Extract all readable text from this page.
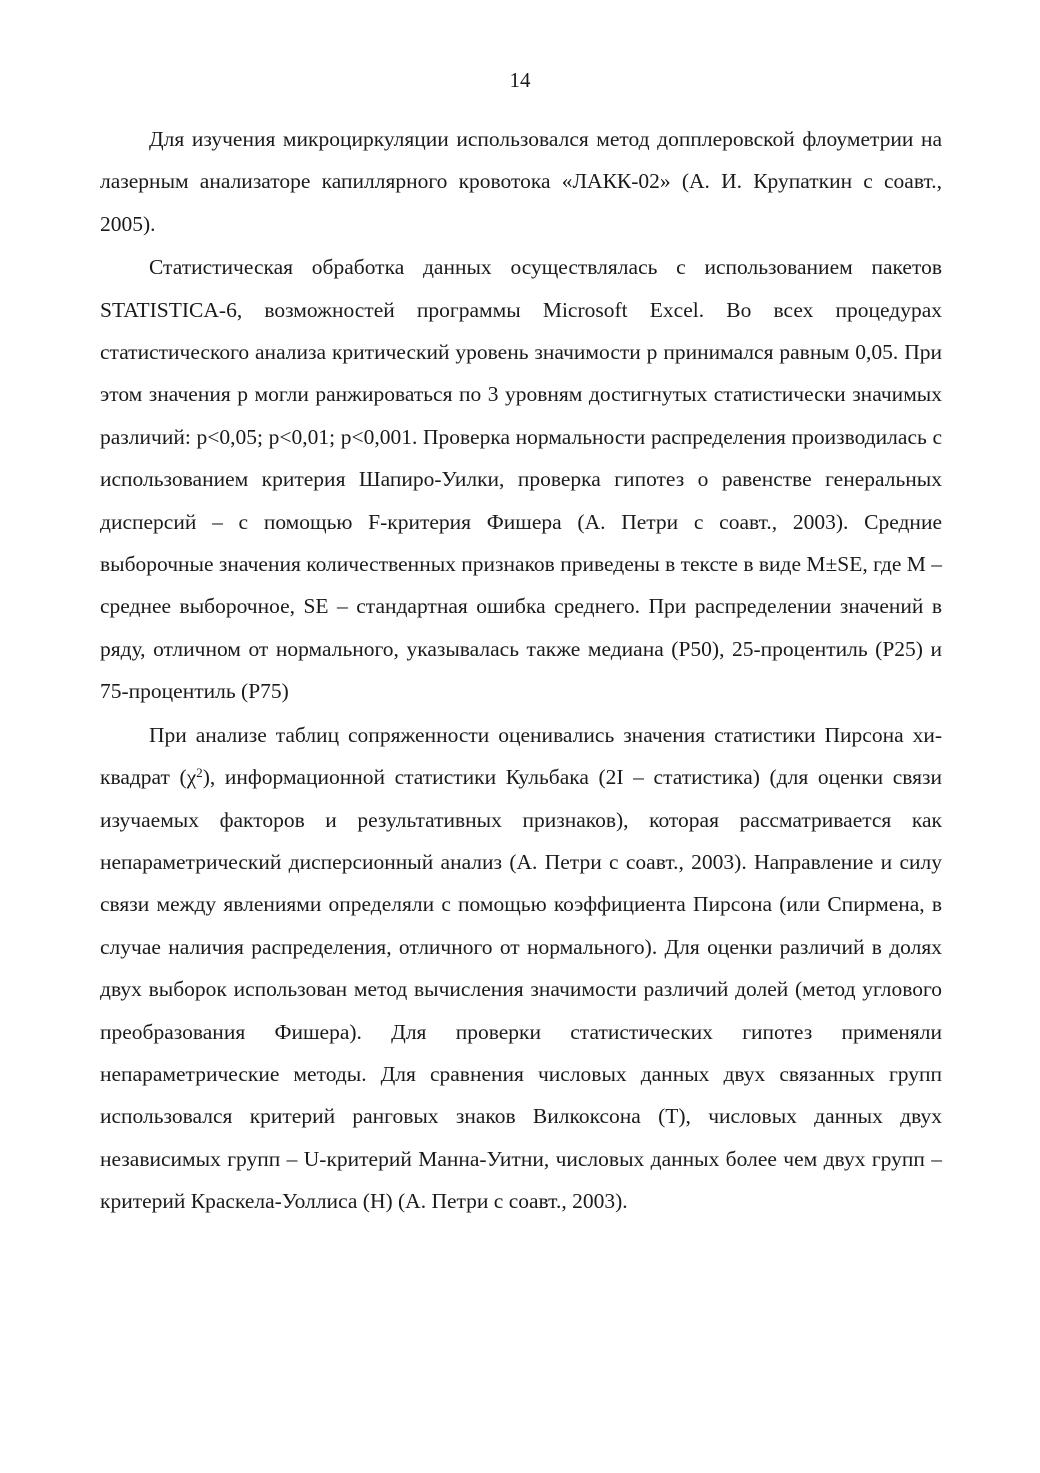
14

Для изучения микроциркуляции использовался метод допплеровской флоуметрии на лазерным анализаторе капиллярного кровотока «ЛАКК-02» (А. И. Крупаткин с соавт., 2005).

Статистическая обработка данных осуществлялась с использованием пакетов STATISTICA-6, возможностей программы Microsoft Excel. Во всех процедурах статистического анализа критический уровень значимости р принимался равным 0,05. При этом значения р могли ранжироваться по 3 уровням достигнутых статистически значимых различий: р<0,05; р<0,01; р<0,001. Проверка нормальности распределения производилась с использованием критерия Шапиро-Уилки, проверка гипотез о равенстве генеральных дисперсий – с помощью F-критерия Фишера (А. Петри с соавт., 2003). Средние выборочные значения количественных признаков приведены в тексте в виде M±SE, где M – среднее выборочное, SE – стандартная ошибка среднего. При распределении значений в ряду, отличном от нормального, указывалась также медиана (P50), 25-процентиль (P25) и 75-процентиль (P75)

При анализе таблиц сопряженности оценивались значения статистики Пирсона хи-квадрат $(\chi^2)$, информационной статистики Кульбака (2I – статистика) (для оценки связи изучаемых факторов и результативных признаков), которая рассматривается как непараметрический дисперсионный анализ (А. Петри с соавт., 2003). Направление и силу связи между явлениями определяли с помощью коэффициента Пирсона (или Спирмена, в случае наличия распределения, отличного от нормального). Для оценки различий в долях двух выборок использован метод вычисления значимости различий долей (метод углового преобразования Фишера). Для проверки статистических гипотез применяли непараметрические методы. Для сравнения числовых данных двух связанных групп использовался критерий ранговых знаков Вилкоксона (Т), числовых данных двух независимых групп – U-критерий Манна-Уитни, числовых данных более чем двух групп – критерий Краскела-Уоллиса (Н) (А. Петри с соавт., 2003).
